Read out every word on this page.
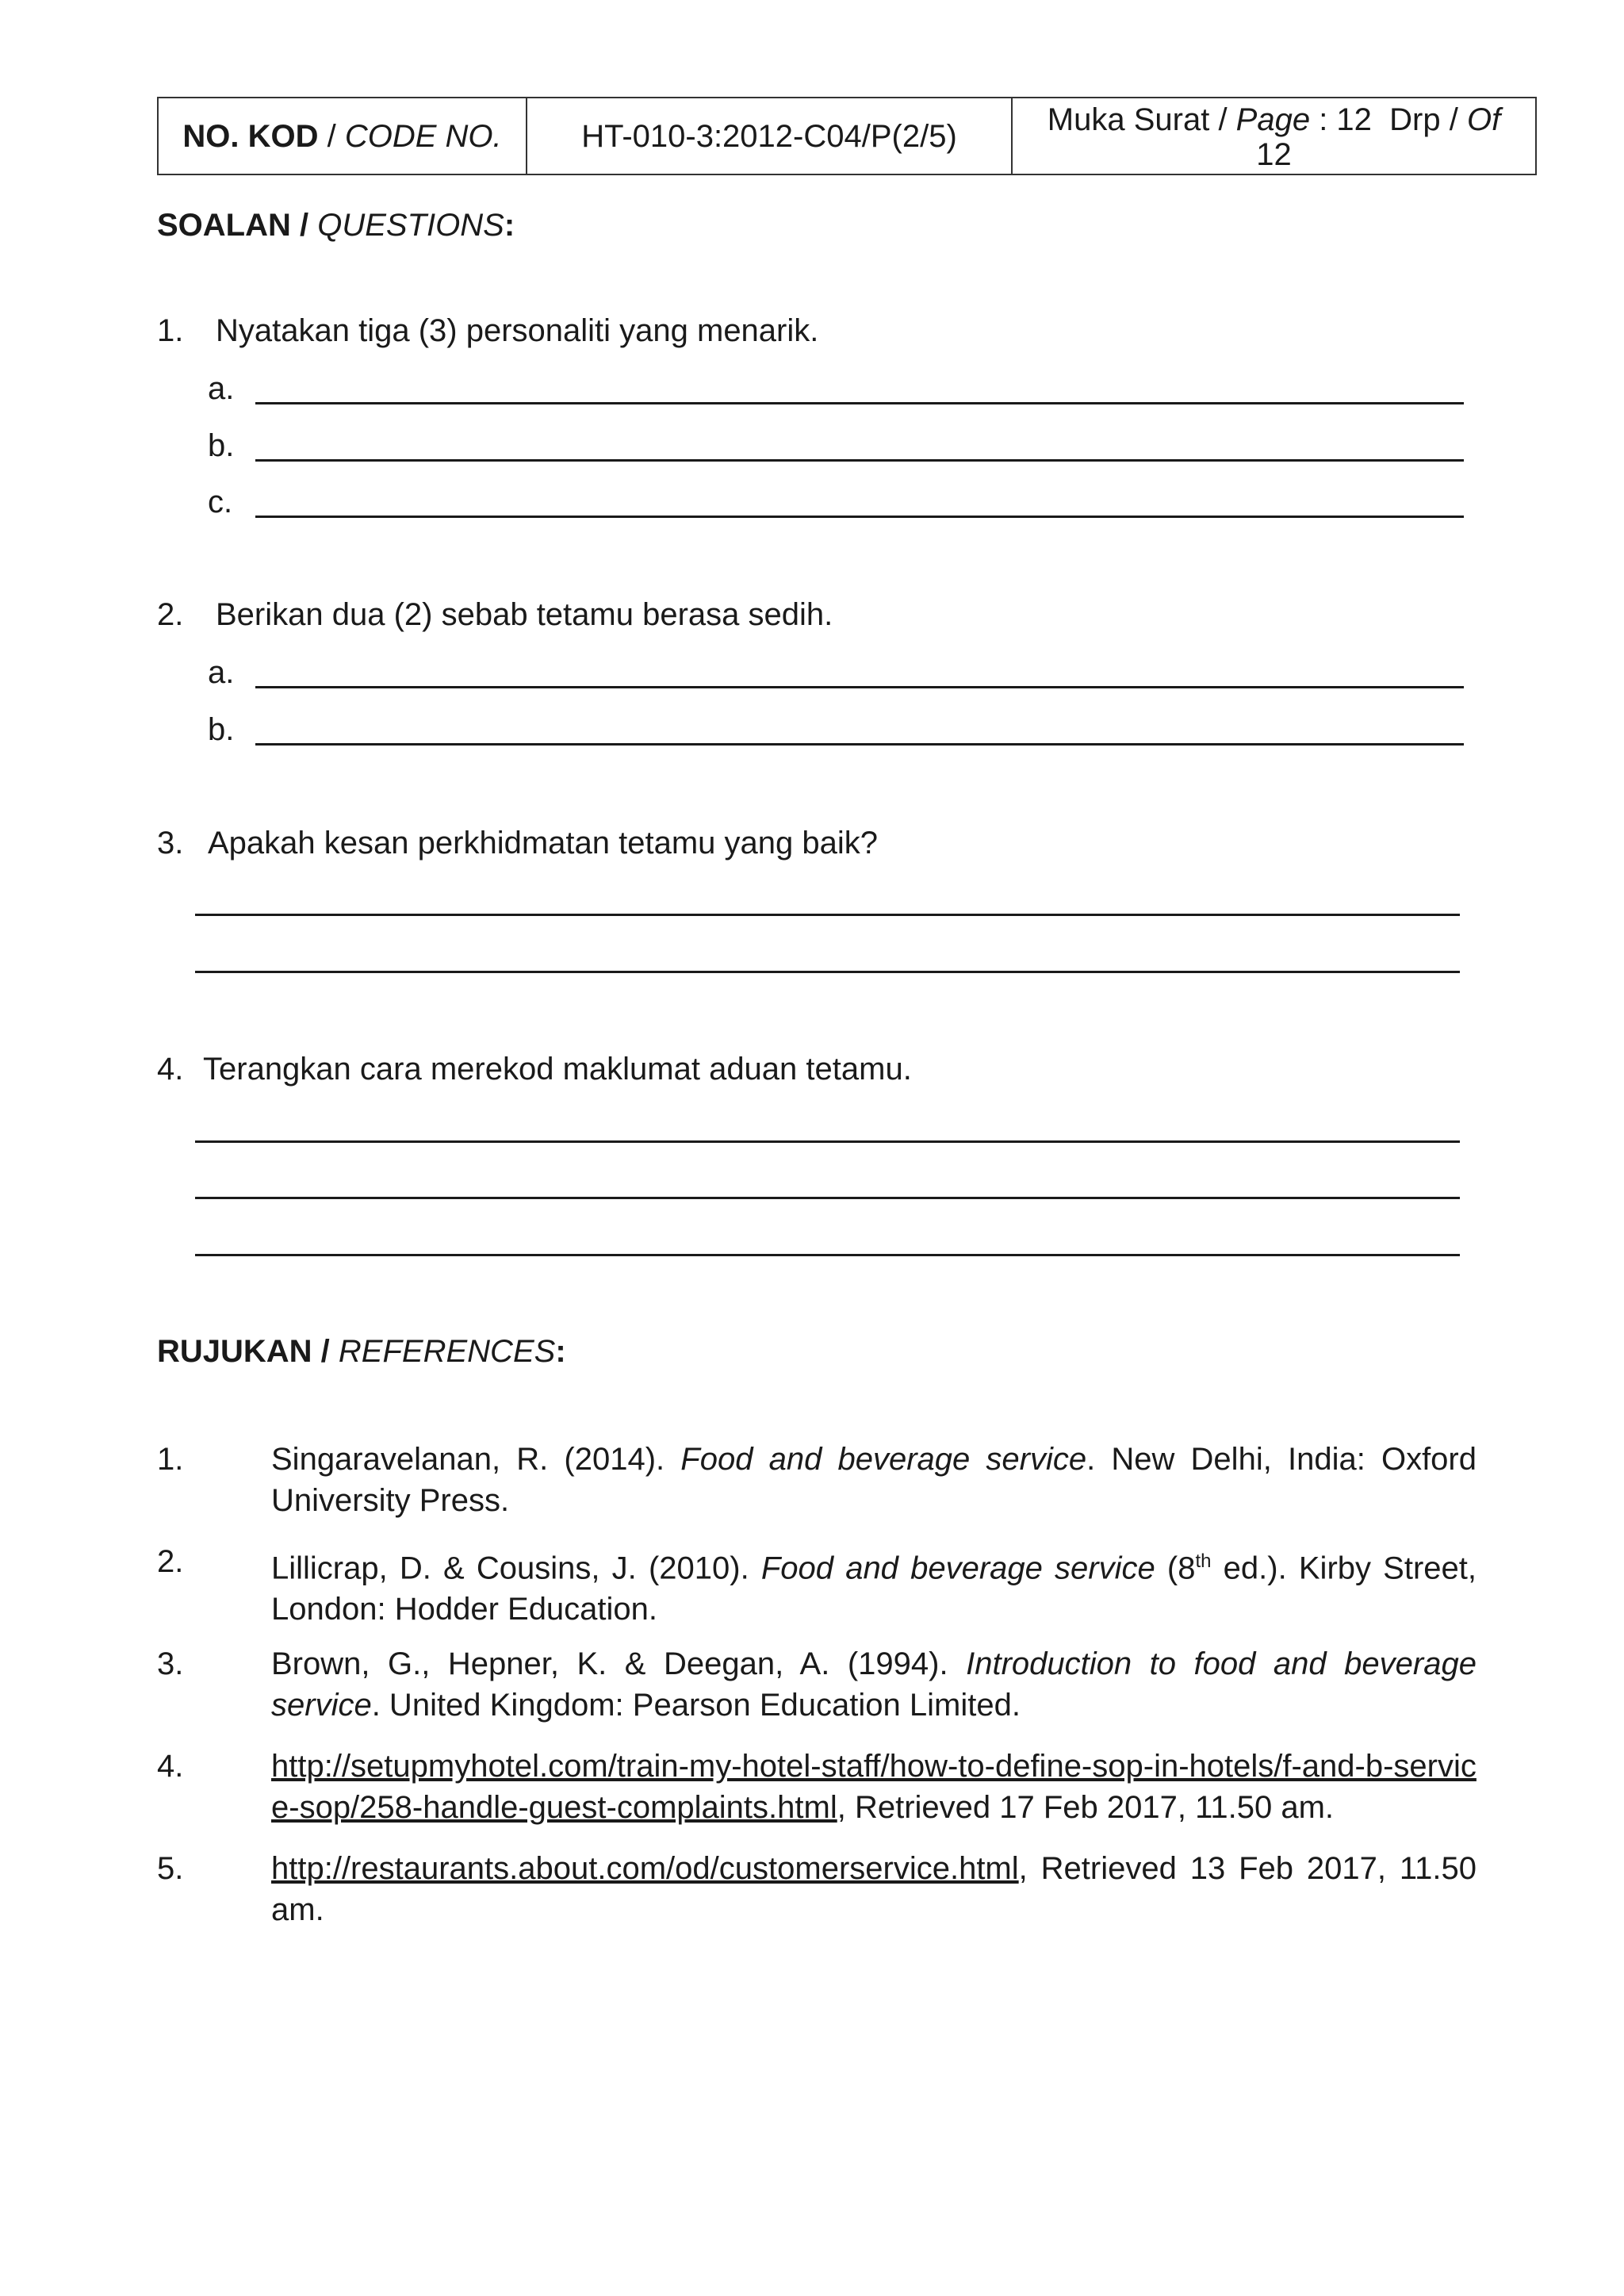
NO. KOD / CODE NO.	HT-010-3:2012-C04/P(2/5)	Muka Surat / Page : 12  Drp / Of
12
SOALAN / QUESTIONS:
1. Nyatakan tiga (3) personaliti yang menarik.
a.
b.
c.
2. Berikan dua (2) sebab tetamu berasa sedih.
a.
b.
3. Apakah kesan perkhidmatan tetamu yang baik?
4. Terangkan cara merekod maklumat aduan tetamu.
RUJUKAN / REFERENCES:
1.	Singaravelanan, R. (2014). Food and beverage service. New Delhi, India: Oxford University Press.
2.	Lillicrap, D. & Cousins, J. (2010). Food and beverage service (8th ed.). Kirby Street, London: Hodder Education.
3.	Brown, G., Hepner, K. & Deegan, A. (1994). Introduction to food and beverage service. United Kingdom: Pearson Education Limited.
4.	http://setupmyhotel.com/train-my-hotel-staff/how-to-define-sop-in-hotels/f-and-b-service-sop/258-handle-guest-complaints.html, Retrieved 17 Feb 2017, 11.50 am.
5.	http://restaurants.about.com/od/customerservice.html, Retrieved 13 Feb 2017, 11.50 am.
